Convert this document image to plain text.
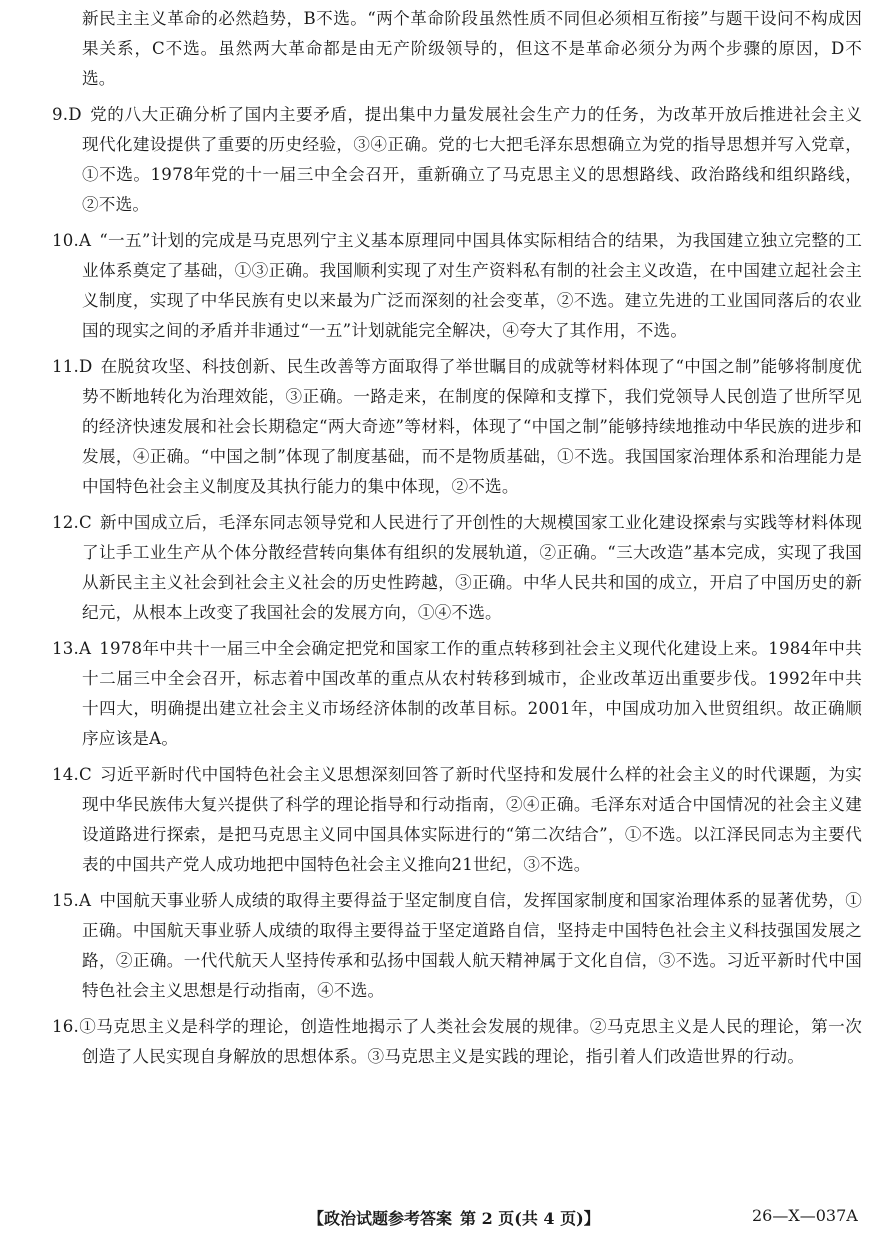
新民主主义革命的必然趋势，B不选。“两个革命阶段虽然性质不同但必须相互衔接”与题干设问不构成因果关系，C不选。虽然两大革命都是由无产阶级领导的，但这不是革命必须分为两个步骤的原因，D不选。

9.D 党的八大正确分析了国内主要矛盾，提出集中力量发展社会生产力的任务，为改革开放后推进社会主义现代化建设提供了重要的历史经验，③④正确。党的七大把毛泽东思想确立为党的指导思想并写入党章，①不选。1978年党的十一届三中全会召开，重新确立了马克思主义的思想路线、政治路线和组织路线，②不选。
10.A “一五”计划的完成是马克思列宁主义基本原理同中国具体实际相结合的结果，为我国建立独立完整的工业体系奠定了基础，①③正确。我国顺利实现了对生产资料私有制的社会主义改造，在中国建立起社会主义制度，实现了中华民族有史以来最为广泛而深刻的社会变革，②不选。建立先进的工业国同落后的农业国的现实之间的矛盾并非通过“一五”计划就能完全解决，④夸大了其作用，不选。
11.D 在脱贫攻坚、科技创新、民生改善等方面取得了举世瞩目的成就等材料体现了“中国之制”能够将制度优势不断地转化为治理效能，③正确。一路走来，在制度的保障和支撑下，我们党领导人民创造了世所罕见的经济快速发展和社会长期稳定“两大奇迹”等材料，体现了“中国之制”能够持续地推动中华民族的进步和发展，④正确。“中国之制”体现了制度基础，而不是物质基础，①不选。我国国家治理体系和治理能力是中国特色社会主义制度及其执行能力的集中体现，②不选。
12.C 新中国成立后，毛泽东同志领导党和人民进行了开创性的大规模国家工业化建设探索与实践等材料体现了让手工业生产从个体分散经营转向集体有组织的发展轨道，②正确。“三大改造”基本完成，实现了我国从新民主主义社会到社会主义社会的历史性跨越，③正确。中华人民共和国的成立，开启了中国历史的新纪元，从根本上改变了我国社会的发展方向，①④不选。
13.A 1978年中共十一届三中全会确定把党和国家工作的重点转移到社会主义现代化建设上来。1984年中共十二届三中全会召开，标志着中国改革的重点从农村转移到城市，企业改革迈出重要步伐。1992年中共十四大，明确提出建立社会主义市场经济体制的改革目标。2001年，中国成功加入世贸组织。故正确顺序应该是A。
14.C 习近平新时代中国特色社会主义思想深刻回答了新时代坚持和发展什么样的社会主义的时代课题，为实现中华民族伟大复兴提供了科学的理论指导和行动指南，②④正确。毛泽东对适合中国情况的社会主义建设道路进行探索，是把马克思主义同中国具体实际进行的“第二次结合”，①不选。以江泽民同志为主要代表的中国共产党人成功地把中国特色社会主义推向21世纪，③不选。
15.A 中国航天事业骄人成绩的取得主要得益于坚定制度自信，发挥国家制度和国家治理体系的显著优势，①正确。中国航天事业骄人成绩的取得主要得益于坚定道路自信，坚持走中国特色社会主义科技强国发展之路，②正确。一代代航天人坚持传承和弘扬中国载人航天精神属于文化自信，③不选。习近平新时代中国特色社会主义思想是行动指南，④不选。
16.①马克思主义是科学的理论，创造性地揭示了人类社会发展的规律。②马克思主义是人民的理论，第一次创造了人民实现自身解放的思想体系。③马克思主义是实践的理论，指引着人们改造世界的行动。
【政治试题参考答案 第 2 页(共 4 页)】	26—X—037A
